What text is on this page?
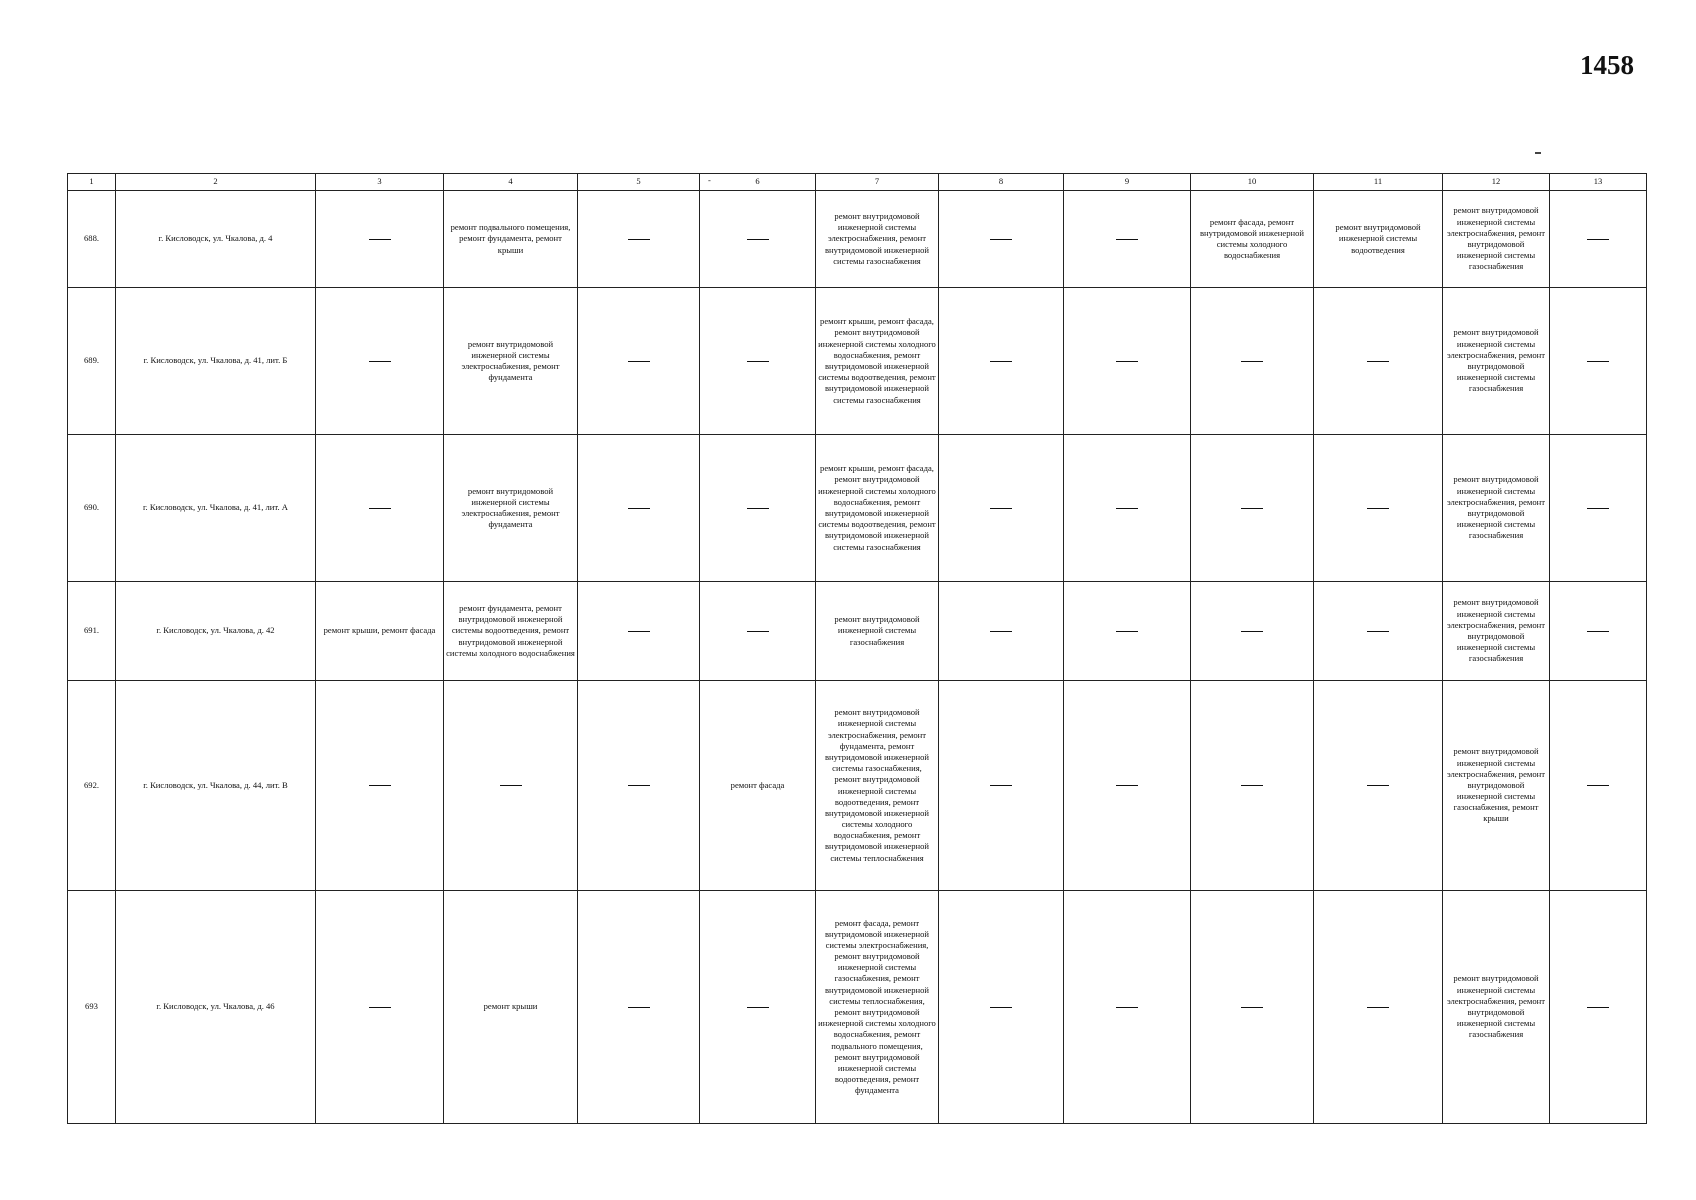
1458
1	2	3	4	5	- 6	7	8	9	10	11	12	13
688.	г. Кисловодск, ул. Чкалова, д. 4		ремонт подвального помещения, ремонт фундамента, ремонт крыши			ремонт внутридомовой инженерной системы электроснабжения, ремонт внутридомовой инженерной системы газоснабжения			ремонт фасада, ремонт внутридомовой инженерной системы холодного водоснабжения	ремонт внутридомовой инженерной системы водоотведения	ремонт внутридомовой инженерной системы электроснабжения, ремонт внутридомовой инженерной системы газоснабжения	
689.	г. Кисловодск, ул. Чкалова, д. 41, лит. Б		ремонт внутридомовой инженерной системы электроснабжения, ремонт фундамента			ремонт крыши, ремонт фасада, ремонт внутридомовой инженерной системы холодного водоснабжения, ремонт внутридомовой инженерной системы водоотведения, ремонт внутридомовой инженерной системы газоснабжения					ремонт внутридомовой инженерной системы электроснабжения, ремонт внутридомовой инженерной системы газоснабжения	
690.	г. Кисловодск, ул. Чкалова, д. 41, лит. А		ремонт внутридомовой инженерной системы электроснабжения, ремонт фундамента			ремонт крыши, ремонт фасада, ремонт внутридомовой инженерной системы холодного водоснабжения, ремонт внутридомовой инженерной системы водоотведения, ремонт внутридомовой инженерной системы газоснабжения					ремонт внутридомовой инженерной системы электроснабжения, ремонт внутридомовой инженерной системы газоснабжения	
691.	г. Кисловодск, ул. Чкалова, д. 42	ремонт крыши, ремонт фасада	ремонт фундамента, ремонт внутридомовой инженерной системы водоотведения, ремонт внутридомовой инженерной системы холодного водоснабжения			ремонт внутридомовой инженерной системы газоснабжения					ремонт внутридомовой инженерной системы электроснабжения, ремонт внутридомовой инженерной системы газоснабжения	
692.	г. Кисловодск, ул. Чкалова, д. 44, лит. В				ремонт фасада	ремонт внутридомовой инженерной системы электроснабжения, ремонт фундамента, ремонт внутридомовой инженерной системы газоснабжения, ремонт внутридомовой инженерной системы водоотведения, ремонт внутридомовой инженерной системы холодного водоснабжения, ремонт внутридомовой инженерной системы теплоснабжения					ремонт внутридомовой инженерной системы электроснабжения, ремонт внутридомовой инженерной системы газоснабжения, ремонт крыши	
693	г. Кисловодск, ул. Чкалова, д. 46		ремонт крыши			ремонт фасада, ремонт внутридомовой инженерной системы электроснабжения, ремонт внутридомовой инженерной системы газоснабжения, ремонт внутридомовой инженерной системы теплоснабжения, ремонт внутридомовой инженерной системы холодного водоснабжения, ремонт подвального помещения, ремонт внутридомовой инженерной системы водоотведения, ремонт фундамента					ремонт внутридомовой инженерной системы электроснабжения, ремонт внутридомовой инженерной системы газоснабжения	
